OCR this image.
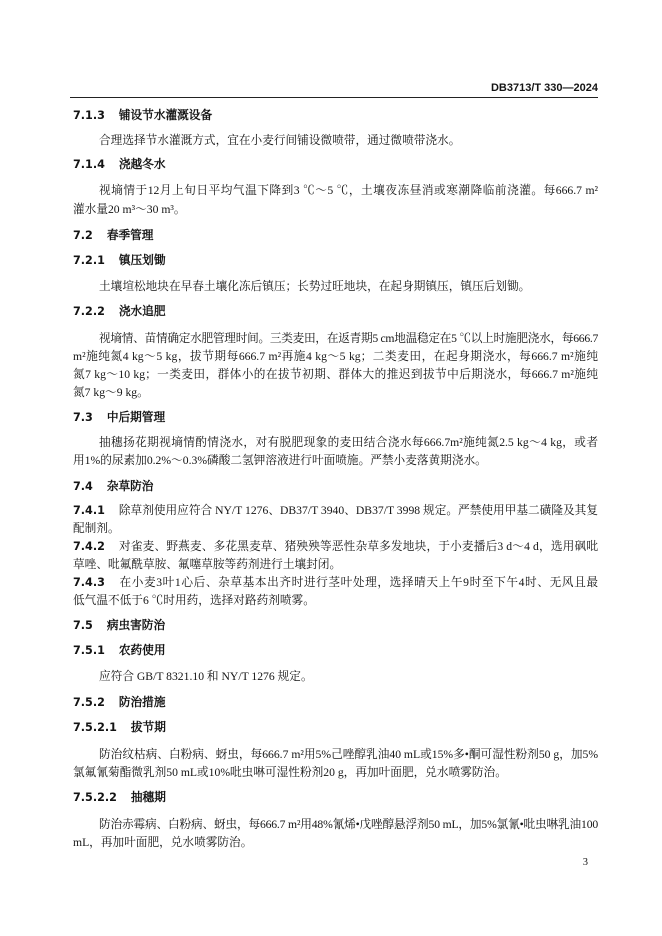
DB3713/T 330—2024
7.1.3 铺设节水灌溉设备
合理选择节水灌溉方式，宜在小麦行间铺设微喷带，通过微喷带浇水。
7.1.4 浇越冬水
视墒情于12月上旬日平均气温下降到3 ℃～5 ℃，土壤夜冻昼消或寒潮降临前浇灌。每666.7 m²
灌水量20 m³～30 m³。
7.2 春季管理
7.2.1 镇压划锄
土壤塇松地块在早春土壤化冻后镇压；长势过旺地块，在起身期镇压，镇压后划锄。
7.2.2 浇水追肥
视墒情、苗情确定水肥管理时间。三类麦田，在返青期5 cm地温稳定在5 ℃以上时施肥浇水，每666.7
m²施纯氮4 kg～5 kg，拔节期每666.7 m²再施4 kg～5 kg；二类麦田，在起身期浇水，每666.7 m²施纯
氮7 kg～10 kg；一类麦田，群体小的在拔节初期、群体大的推迟到拔节中后期浇水，每666.7 m²施纯
氮7 kg～9 kg。
7.3 中后期管理
抽穗扬花期视墒情酌情浇水，对有脱肥现象的麦田结合浇水每666.7m²施纯氮2.5 kg～4 kg，或者
用1%的尿素加0.2%～0.3%磷酸二氢钾溶液进行叶面喷施。严禁小麦落黄期浇水。
7.4 杂草防治
7.4.1 除草剂使用应符合 NY/T 1276、DB37/T 3940、DB37/T 3998 规定。严禁使用甲基二磺隆及其复
配制剂。
7.4.2 对雀麦、野燕麦、多花黑麦草、猪殃殃等恶性杂草多发地块，于小麦播后3 d～4 d，选用砜吡
草唑、吡氟酰草胺、氟噻草胺等药剂进行土壤封闭。
7.4.3 在小麦3叶1心后、杂草基本出齐时进行茎叶处理，选择晴天上午9时至下午4时、无风且最
低气温不低于6 ℃时用药，选择对路药剂喷雾。
7.5 病虫害防治
7.5.1 农药使用
应符合 GB/T 8321.10 和 NY/T 1276 规定。
7.5.2 防治措施
7.5.2.1 拔节期
防治纹枯病、白粉病、蚜虫，每666.7 m²用5%己唑醇乳油40 mL或15%多•酮可湿性粉剂50 g，加5%
氯氟氰菊酯微乳剂50 mL或10%吡虫啉可湿性粉剂20 g，再加叶面肥，兑水喷雾防治。
7.5.2.2 抽穗期
防治赤霉病、白粉病、蚜虫，每666.7 m²用48%氰烯•戊唑醇悬浮剂50 mL，加5%氯氰•吡虫啉乳油100
mL，再加叶面肥，兑水喷雾防治。
3
